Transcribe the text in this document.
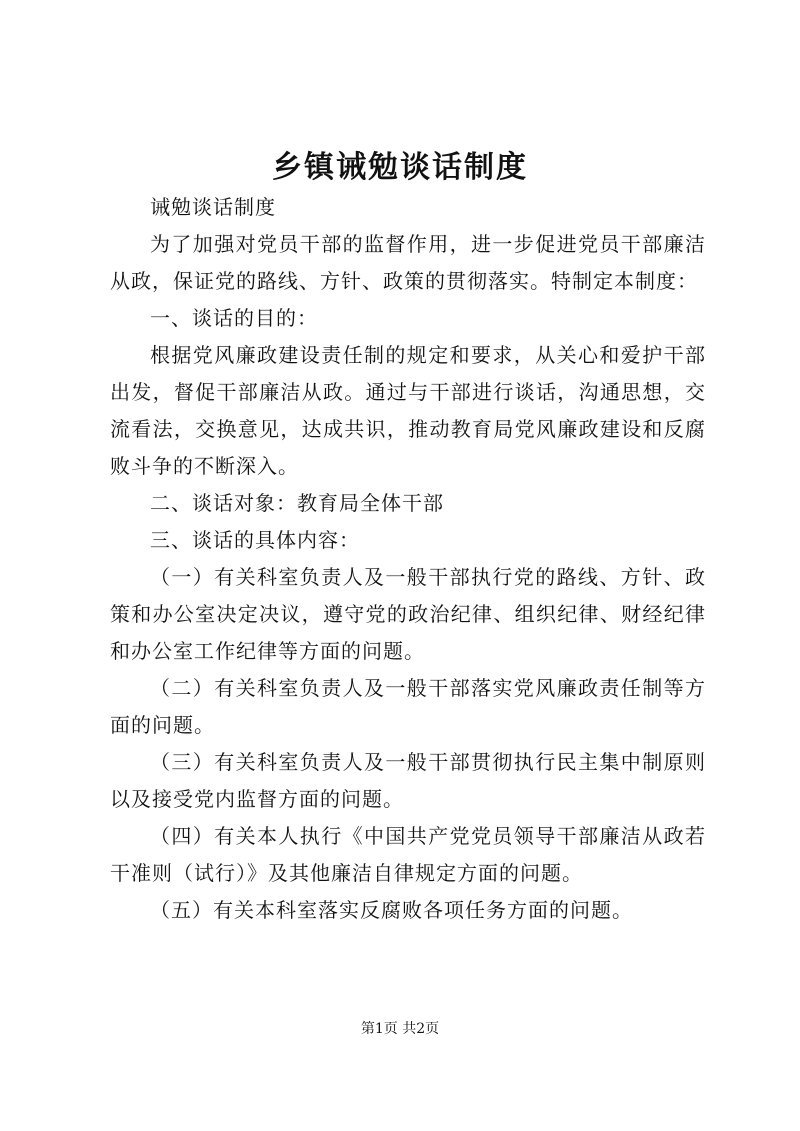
乡镇诫勉谈话制度

诫勉谈话制度

为了加强对党员干部的监督作用，进一步促进党员干部廉洁从政，保证党的路线、方针、政策的贯彻落实。特制定本制度：

一、谈话的目的：

根据党风廉政建设责任制的规定和要求，从关心和爱护干部出发，督促干部廉洁从政。通过与干部进行谈话，沟通思想，交流看法，交换意见，达成共识，推动教育局党风廉政建设和反腐败斗争的不断深入。

二、谈话对象：教育局全体干部

三、谈话的具体内容：

（一）有关科室负责人及一般干部执行党的路线、方针、政策和办公室决定决议，遵守党的政治纪律、组织纪律、财经纪律和办公室工作纪律等方面的问题。

（二）有关科室负责人及一般干部落实党风廉政责任制等方面的问题。

（三）有关科室负责人及一般干部贯彻执行民主集中制原则以及接受党内监督方面的问题。

（四）有关本人执行《中国共产党党员领导干部廉洁从政若干准则（试行）》及其他廉洁自律规定方面的问题。

（五）有关本科室落实反腐败各项任务方面的问题。

第1页 共2页
